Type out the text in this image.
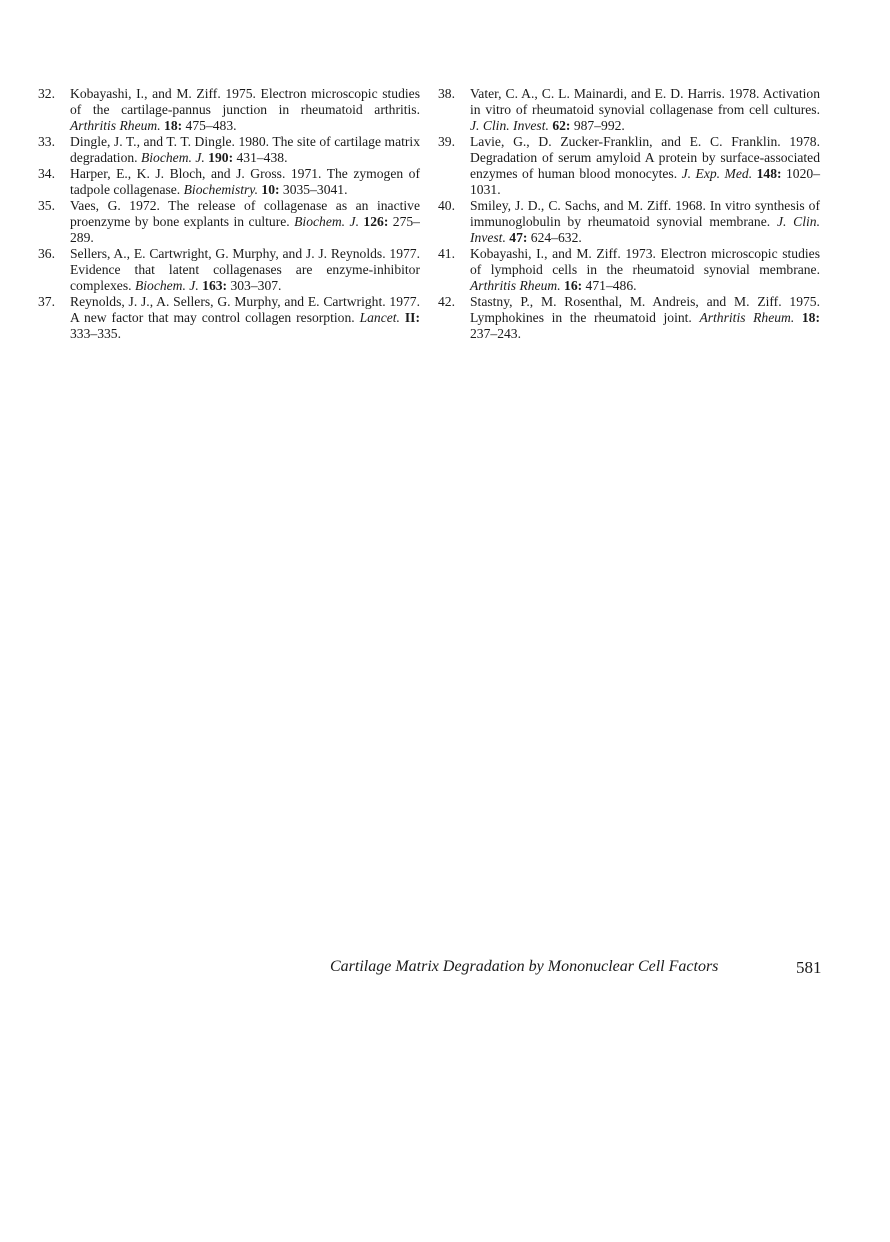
32. Kobayashi, I., and M. Ziff. 1975. Electron microscopic studies of the cartilage-pannus junction in rheumatoid arthritis. Arthritis Rheum. 18: 475–483.
33. Dingle, J. T., and T. T. Dingle. 1980. The site of cartilage matrix degradation. Biochem. J. 190: 431–438.
34. Harper, E., K. J. Bloch, and J. Gross. 1971. The zymogen of tadpole collagenase. Biochemistry. 10: 3035–3041.
35. Vaes, G. 1972. The release of collagenase as an inactive proenzyme by bone explants in culture. Biochem. J. 126: 275–289.
36. Sellers, A., E. Cartwright, G. Murphy, and J. J. Reynolds. 1977. Evidence that latent collagenases are enzyme-inhibitor complexes. Biochem. J. 163: 303–307.
37. Reynolds, J. J., A. Sellers, G. Murphy, and E. Cartwright. 1977. A new factor that may control collagen resorption. Lancet. II: 333–335.
38. Vater, C. A., C. L. Mainardi, and E. D. Harris. 1978. Activation in vitro of rheumatoid synovial collagenase from cell cultures. J. Clin. Invest. 62: 987–992.
39. Lavie, G., D. Zucker-Franklin, and E. C. Franklin. 1978. Degradation of serum amyloid A protein by surface-associated enzymes of human blood monocytes. J. Exp. Med. 148: 1020–1031.
40. Smiley, J. D., C. Sachs, and M. Ziff. 1968. In vitro synthesis of immunoglobulin by rheumatoid synovial membrane. J. Clin. Invest. 47: 624–632.
41. Kobayashi, I., and M. Ziff. 1973. Electron microscopic studies of lymphoid cells in the rheumatoid synovial membrane. Arthritis Rheum. 16: 471–486.
42. Stastny, P., M. Rosenthal, M. Andreis, and M. Ziff. 1975. Lymphokines in the rheumatoid joint. Arthritis Rheum. 18: 237–243.
Cartilage Matrix Degradation by Mononuclear Cell Factors	581
